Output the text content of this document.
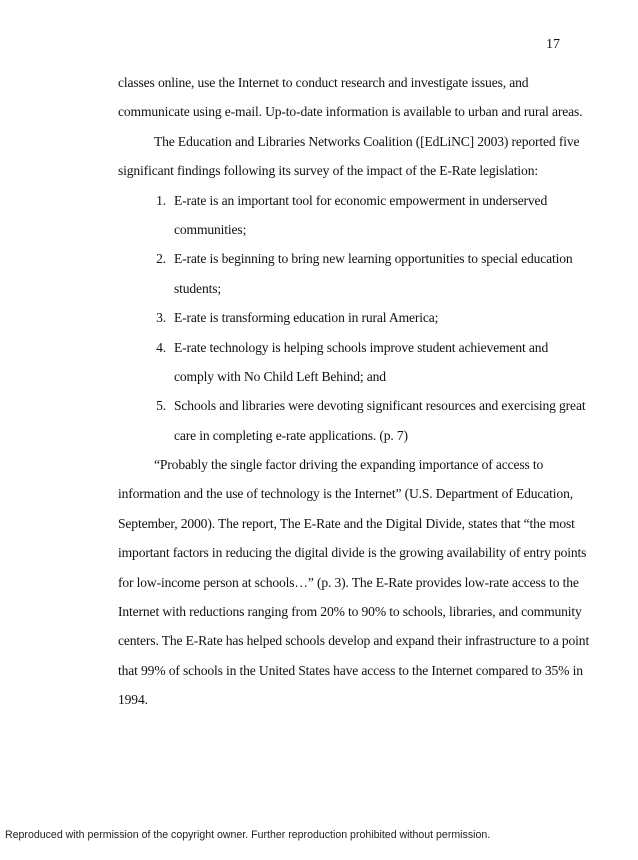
17
classes online, use the Internet to conduct research and investigate issues, and
communicate using e-mail. Up-to-date information is available to urban and rural areas.
The Education and Libraries Networks Coalition ([EdLiNC] 2003) reported five
significant findings following its survey of the impact of the E-Rate legislation:
1. E-rate is an important tool for economic empowerment in underserved
communities;
2. E-rate is beginning to bring new learning opportunities to special education
students;
3. E-rate is transforming education in rural America;
4. E-rate technology is helping schools improve student achievement and
comply with No Child Left Behind; and
5. Schools and libraries were devoting significant resources and exercising great
care in completing e-rate applications. (p. 7)
“Probably the single factor driving the expanding importance of access to
information and the use of technology is the Internet” (U.S. Department of Education,
September, 2000). The report, The E-Rate and the Digital Divide, states that “the most
important factors in reducing the digital divide is the growing availability of entry points
for low-income person at schools…” (p. 3). The E-Rate provides low-rate access to the
Internet with reductions ranging from 20% to 90% to schools, libraries, and community
centers. The E-Rate has helped schools develop and expand their infrastructure to a point
that 99% of schools in the United States have access to the Internet compared to 35% in
1994.
Reproduced with permission of the copyright owner. Further reproduction prohibited without permission.
